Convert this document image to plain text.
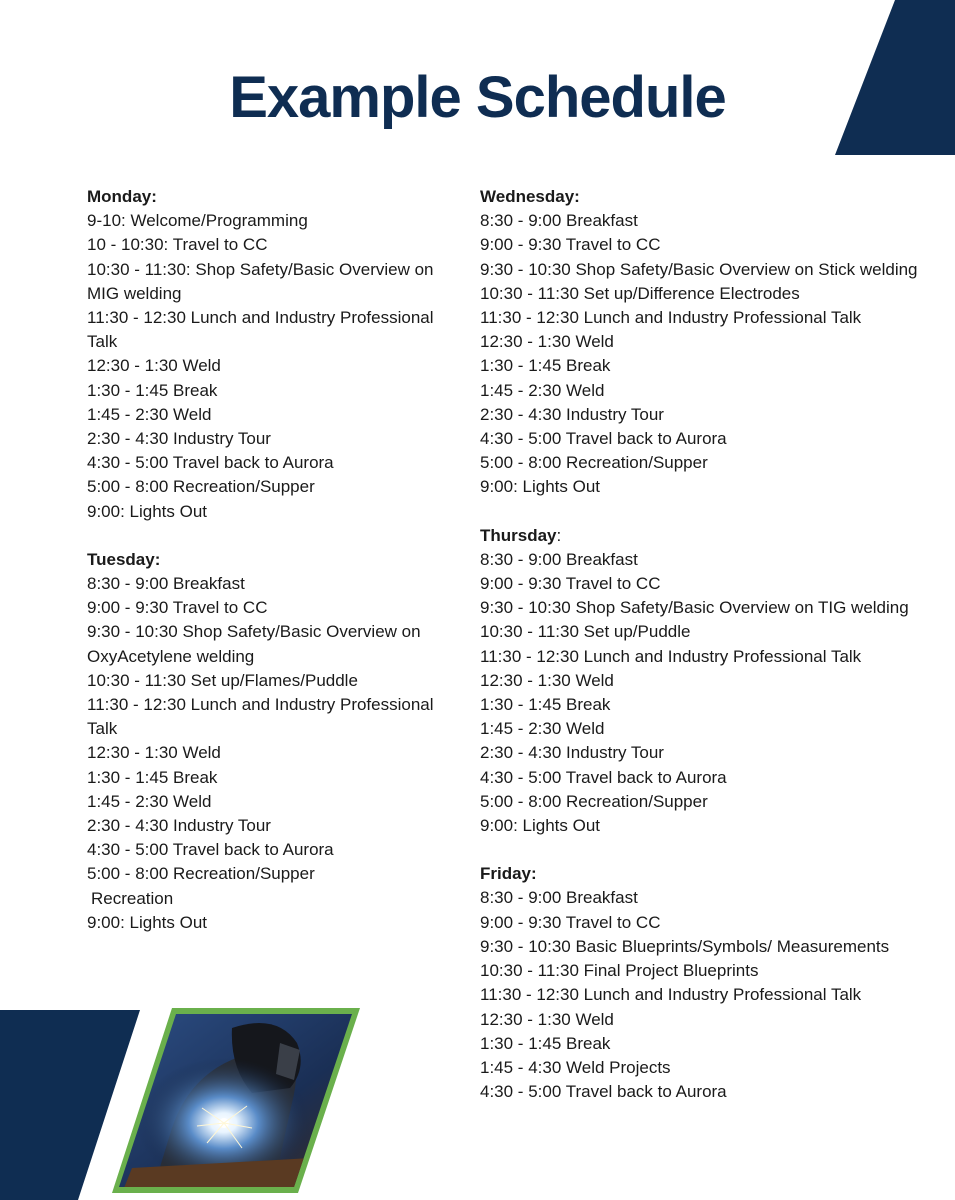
Example Schedule
Monday:
9-10: Welcome/Programming
10 - 10:30: Travel to CC
10:30 - 11:30: Shop Safety/Basic Overview on MIG welding
11:30 - 12:30 Lunch and Industry Professional Talk
12:30 - 1:30 Weld
1:30 - 1:45 Break
1:45 - 2:30 Weld
2:30 - 4:30 Industry Tour
4:30 - 5:00 Travel back to Aurora
5:00 - 8:00 Recreation/Supper
9:00: Lights Out
Tuesday:
8:30 - 9:00 Breakfast
9:00 - 9:30 Travel to CC
9:30 - 10:30 Shop Safety/Basic Overview on OxyAcetylene welding
10:30 - 11:30 Set up/Flames/Puddle
11:30 - 12:30 Lunch and Industry Professional Talk
12:30 - 1:30 Weld
1:30 - 1:45 Break
1:45 - 2:30 Weld
2:30 - 4:30 Industry Tour
4:30 - 5:00 Travel back to Aurora
5:00 - 8:00 Recreation/Supper
Recreation
9:00: Lights Out
Wednesday:
8:30 - 9:00 Breakfast
9:00 - 9:30 Travel to CC
9:30 - 10:30 Shop Safety/Basic Overview on Stick welding
10:30 - 11:30 Set up/Difference Electrodes
11:30 - 12:30 Lunch and Industry Professional Talk
12:30 - 1:30 Weld
1:30 - 1:45 Break
1:45 - 2:30 Weld
2:30 - 4:30 Industry Tour
4:30 - 5:00 Travel back to Aurora
5:00 - 8:00 Recreation/Supper
9:00: Lights Out
Thursday:
8:30 - 9:00 Breakfast
9:00 - 9:30 Travel to CC
9:30 - 10:30 Shop Safety/Basic Overview on TIG welding
10:30 - 11:30 Set up/Puddle
11:30 - 12:30 Lunch and Industry Professional Talk
12:30 - 1:30 Weld
1:30 - 1:45 Break
1:45 - 2:30 Weld
2:30 - 4:30 Industry Tour
4:30 - 5:00 Travel back to Aurora
5:00 - 8:00 Recreation/Supper
9:00: Lights Out
Friday:
8:30 - 9:00 Breakfast
9:00 - 9:30 Travel to CC
9:30 - 10:30 Basic Blueprints/Symbols/ Measurements
10:30 - 11:30 Final Project Blueprints
11:30 - 12:30 Lunch and Industry Professional Talk
12:30 - 1:30 Weld
1:30 - 1:45 Break
1:45 - 4:30 Weld Projects
4:30 - 5:00 Travel back to Aurora
